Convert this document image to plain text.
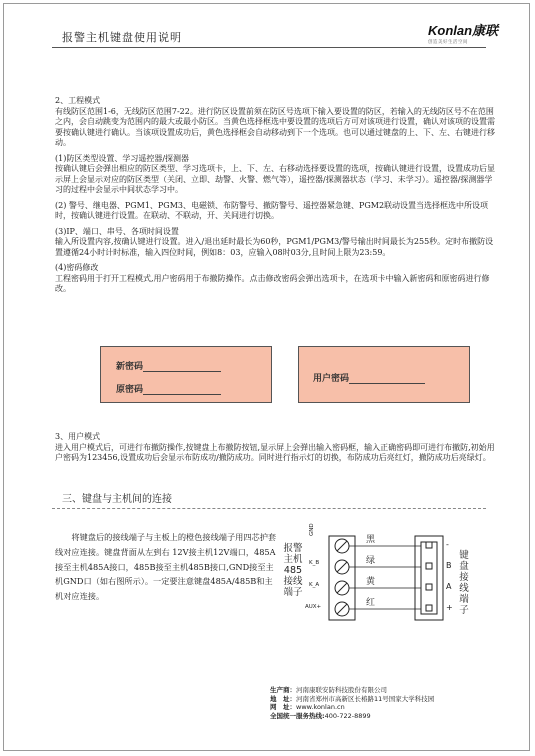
报警主机键盘使用说明	Konlan康联
创造美好生活空间

2、工程模式

有线防区范围1-6，无线防区范围7-22。进行防区设置前须在防区号选项下输入要设置的防区，若输入的无线防区号不在范围之内，会自动跳变为范围内的最大或最小防区。当黄色选择框选中要设置的选项后方可对该项进行设置，确认对该项的设置需要按确认键进行确认。当该项设置成功后，黄色选择框会自动移动到下一个选项。也可以通过键盘的上、下、左、右键进行移动。

(1)防区类型设置、学习遥控器/探测器

按确认键后会弹出相应的防区类型、学习选项卡，上、下、左、右移动选择要设置的选项，按确认键进行设置，设置成功后显示屏上会显示对应的防区类型（关闭、立即、劫警、火警、燃气等），遥控器/探测器状态（学习、未学习）。遥控器/探测器学习的过程中会显示中间状态学习中。

(2) 警号、继电器、PGM1、PGM3、电磁锁、布防警号、撤防警号、遥控器紧急键、PGM2联动设置当选择框选中所设项时，按确认键进行设置。在联动、不联动，开、关间进行切换。

(3)IP、端口、串号、各项时间设置

输入所设置内容,按确认键进行设置。进入/退出延时最长为60秒，PGM1/PGM3/警号输出时间最长为255秒。定时布撤防设置遵循24小时计时标准，输入四位时间，例如8：03，应输入08时03分,且时间上限为23:59。

(4)密码修改

工程密码用于打开工程模式,用户密码用于布撤防操作。点击修改密码会弹出选项卡，在选项卡中输入新密码和原密码进行修改。

新密码
原密码
用户密码

3、用户模式

进入用户模式后，可进行布撤防操作,按键盘上布撤防按钮,显示屏上会弹出输入密码框，输入正确密码即可进行布撤防,初始用户密码为123456,设置成功后会显示布防成功/撤防成功。同时进行指示灯的切换，布防成功后亮红灯，撤防成功后亮绿灯。

三、键盘与主机间的连接

将键盘后的接线端子与主板上的橙色接线端子用四芯护套线对应连接。键盘背面从左到右 12V接主机12V端口，485A接至主机485A接口，485B接至主机485B接口,GND接至主机GND口（如右图所示）。一定要注意键盘485A/485B和主机对应连接。

报警主机485接线端子
键盘接线端子
GND
K_B
K_A
AUX+
黑
绿
黄
红
-
B
A
+
生产商：河南康联安防科技股份有限公司
地　址：河南省郑州市高新区长椿路11号国家大学科技园
网　址：www.konlan.cn
全国统一服务热线:400-722-8899
